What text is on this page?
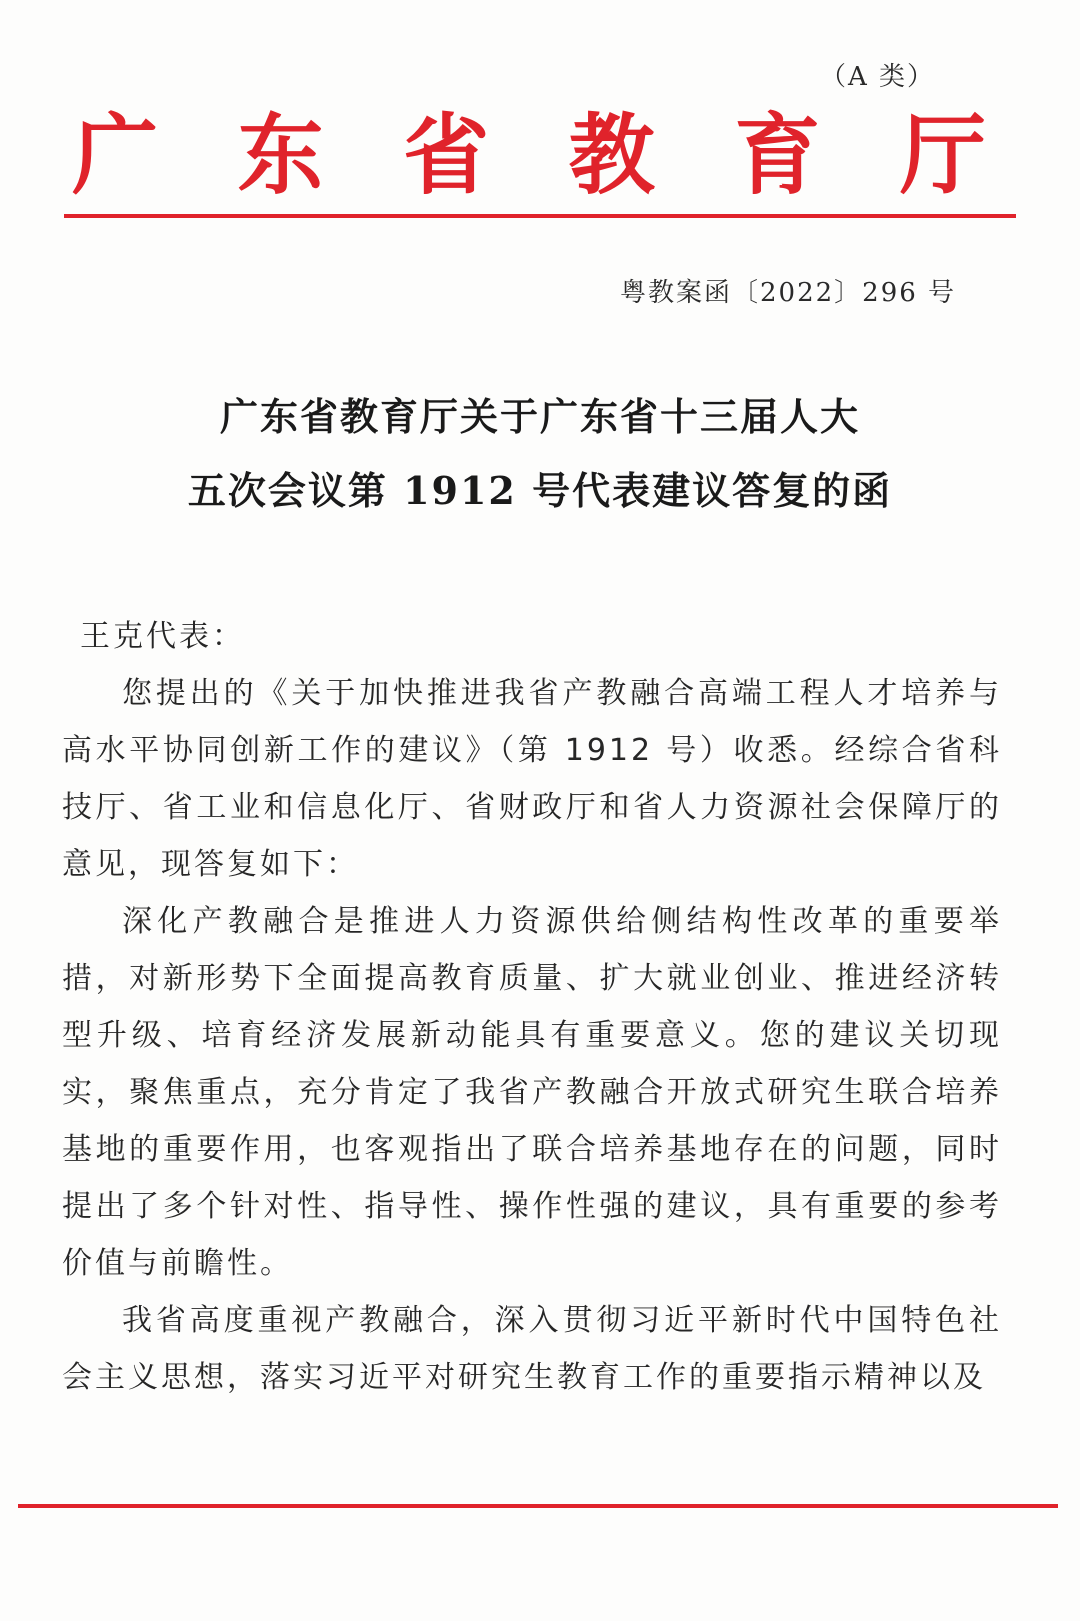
（A 类）
广 东 省 教 育 厅
粤教案函〔2022〕296 号
广东省教育厅关于广东省十三届人大
五次会议第 1912 号代表建议答复的函

王克代表：

您提出的《关于加快推进我省产教融合高端工程人才培养与高水平协同创新工作的建议》（第 1912 号）收悉。经综合省科技厅、省工业和信息化厅、省财政厅和省人力资源社会保障厅的意见，现答复如下：

深化产教融合是推进人力资源供给侧结构性改革的重要举措，对新形势下全面提高教育质量、扩大就业创业、推进经济转型升级、培育经济发展新动能具有重要意义。您的建议关切现实，聚焦重点，充分肯定了我省产教融合开放式研究生联合培养基地的重要作用，也客观指出了联合培养基地存在的问题，同时提出了多个针对性、指导性、操作性强的建议，具有重要的参考价值与前瞻性。

我省高度重视产教融合，深入贯彻习近平新时代中国特色社会主义思想，落实习近平对研究生教育工作的重要指示精神以及
